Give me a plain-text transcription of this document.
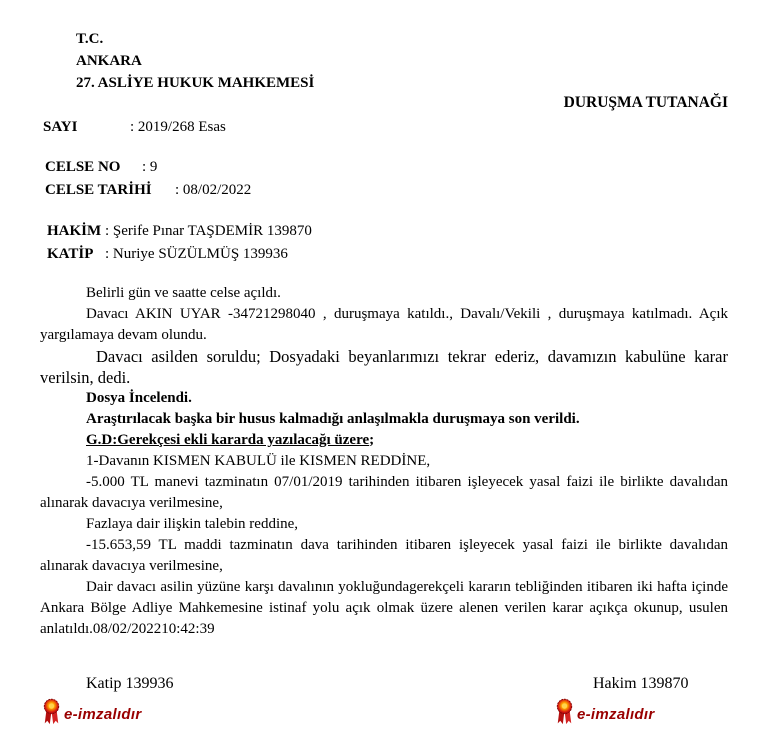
T.C.
ANKARA
27. ASLİYE HUKUK MAHKEMESİ
DURUŞMA TUTANAĞI
SAYI	: 2019/268 Esas
CELSE NO : 9
CELSE TARİHİ : 08/02/2022
HAKİM : Şerife Pınar TAŞDEMİR 139870
KATİP : Nuriye SÜZÜLMÜŞ 139936

Belirli gün ve saatte celse açıldı.

Davacı AKIN UYAR -34721298040 , duruşmaya katıldı., Davalı/Vekili , duruşmaya katılmadı. Açık yargılamaya devam olundu.

Davacı asilden soruldu; Dosyadaki beyanlarımızı tekrar ederiz, davamızın kabulüne karar verilsin, dedi.

Dosya İncelendi.

Araştırılacak başka bir husus kalmadığı anlaşılmakla duruşmaya son verildi.

G.D:Gerekçesi ekli kararda yazılacağı üzere;

1-Davanın KISMEN KABULÜ ile KISMEN REDDİNE,

-5.000 TL manevi tazminatın 07/01/2019 tarihinden itibaren işleyecek yasal faizi ile birlikte davalıdan alınarak davacıya verilmesine,

Fazlaya dair ilişkin talebin reddine,

-15.653,59 TL maddi tazminatın dava tarihinden itibaren işleyecek yasal faizi ile birlikte davalıdan alınarak davacıya verilmesine,

Dair davacı asilin yüzüne karşı davalının yokluğundagerekçeli kararın tebliğinden itibaren iki hafta içinde Ankara Bölge Adliye Mahkemesine istinaf yolu açık olmak üzere alenen verilen karar açıkça okunup, usulen anlatıldı.08/02/202210:42:39

Katip 139936	Hakim 139870
e-imzalıdır	e-imzalıdır
